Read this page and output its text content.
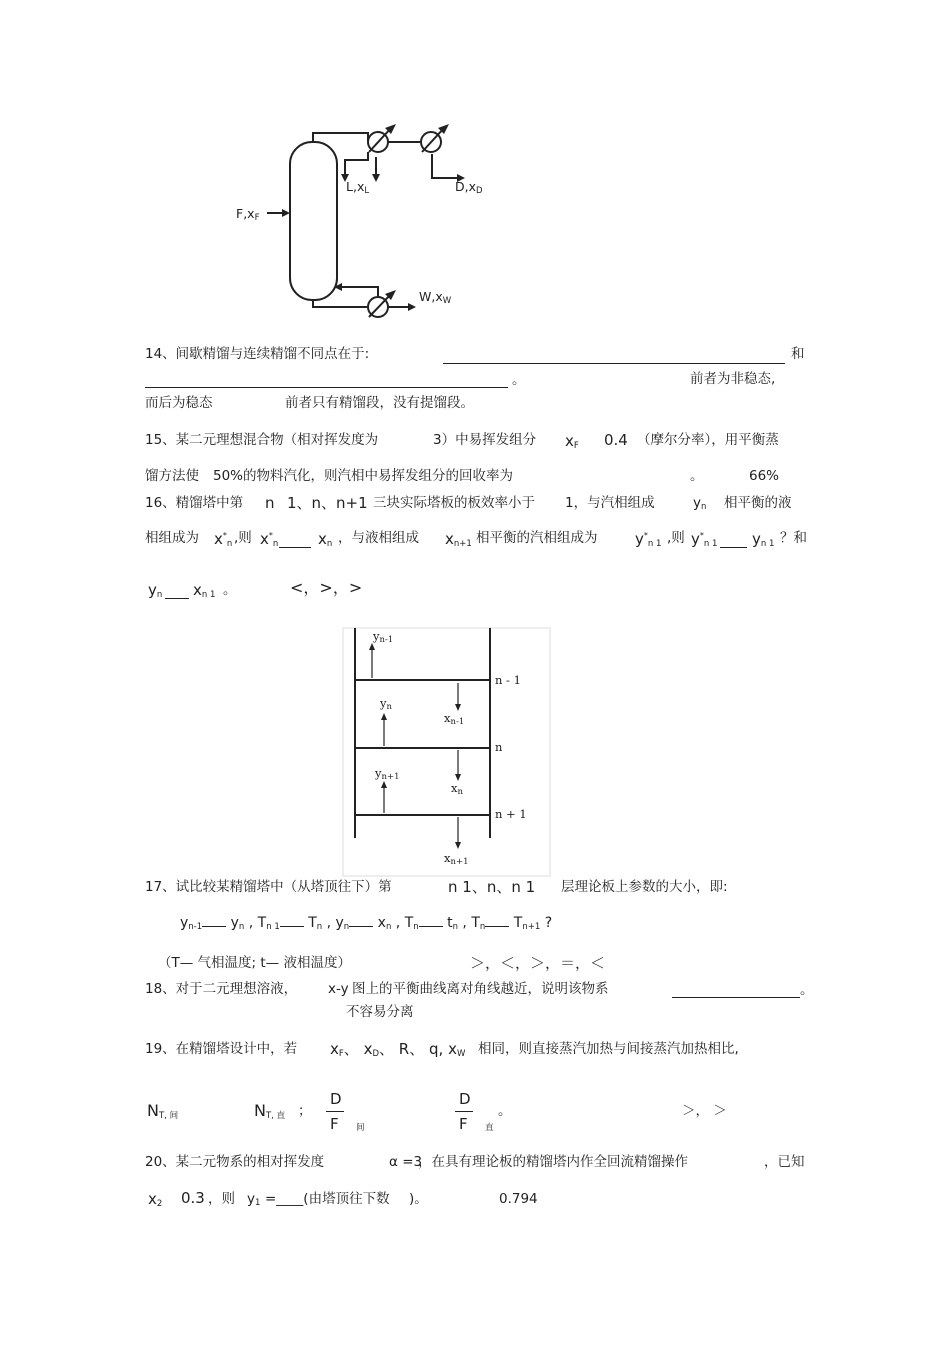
$L,x_L$	$D,x_D$
$F,x_F$
$W,x_W$
14、间歇精馏与连续精馏不同点在于:	和
。	前者为非稳态,
而后为稳态	前者只有精馏段，没有提馏段。
15、某二元理想混合物（相对挥发度为	3）中易挥发组分 $x_F$ 0.4 （摩尔分率），用平衡蒸
馏方法使 50%的物料汽化，则汽相中易挥发组分的回收率为	。	66%
16、精馏塔中第 n 1、n、n+1 三块实际塔板的板效率小于 1，与汽相组成	$y_n$ 相平衡的液
相组成为 $x^*_n$ ,则 $x^*_n$	$x_n$ ，与液相组成 $x_{n+1}$ 相平衡的汽相组成为	$y^*_{n 1}$ ,则 $y^*_{n 1}$ $y_{n 1}$ ？和
$y_n$ $x_{n 1}$ 。	<，>，>
$y_{n-1}$
$y_n$
$x_{n-1}$
$y_{n+1}$
$x_n$
$x_{n+1}$
n - 1
n
n + 1
17、试比较某精馏塔中（从塔顶往下）第	n 1、n、n 1 层理论板上参数的大小，即:
$y_{n-1}$ $y_n$ , $T_{n 1}$ $T_n$ , $y_n$ $x_n$ , $T_n$ $t_n$ , $T_n$ $T_{n+1}$ ?
（T— 气相温度; t— 液相温度）	＞，＜，＞，＝，＜
18、对于二元理想溶液， x-y 图上的平衡曲线离对角线越近，说明该物系	。
不容易分离
19、在精馏塔设计中，若 $x_F$、 $x_D$、 R、 q, $x_W$ 相同，则直接蒸汽加热与间接蒸汽加热相比,
$N_{T, 间}$	$N_{T, 直}$ ；
D
F 间
D
F 直
。	＞， ＞
20、某二元物系的相对挥发度	α =3
，在具有理论板的精馏塔内作全回流精馏操作	，已知
$x_2$ 0.3 ，则 $y_1$ =____(由塔顶往下数 )。	0.794
